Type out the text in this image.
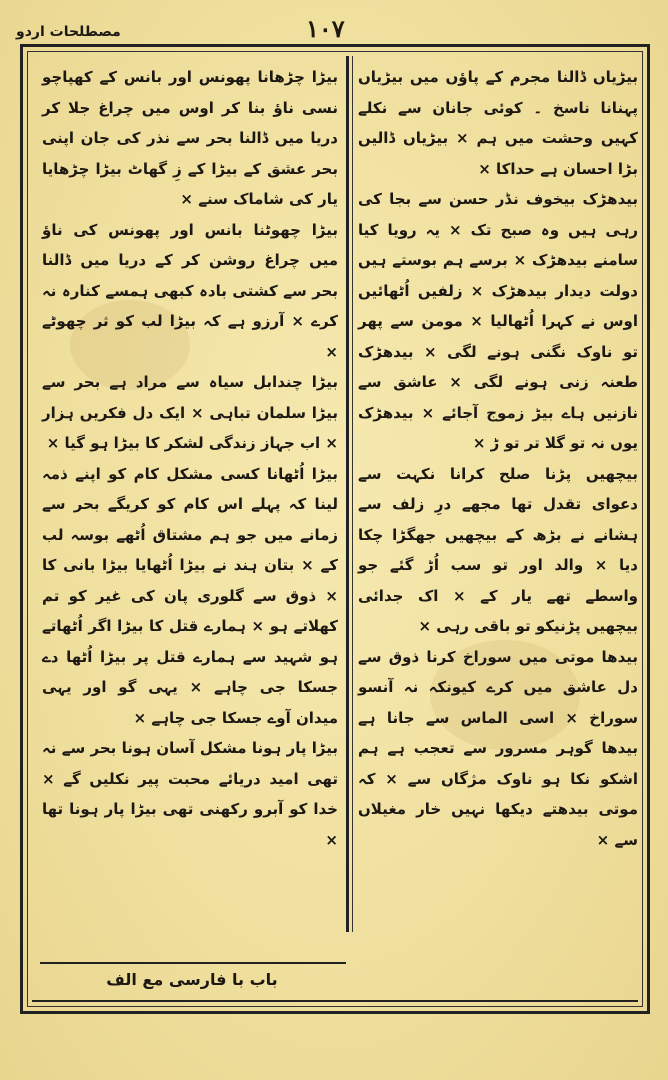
۱۰۷
مصطلحات اردو

بیڑیاں ڈالنا مجرم کے پاؤں میں بیڑیاں پہنانا ناسخ ۔ کوئی جانان سے نکلے کہیں وحشت میں ہم × بیڑیاں ڈالیں بڑا احسان ہے حداکا ×

بیدھڑک بیخوف نڈر حسن سے بجا کی رہی ہیں وہ صبح تک × یہ رویا کیا سامنے بیدھڑک × برسے ہم بوستے ہیں دولت دیدار بیدھڑک × زلفیں اُٹھائیں اوس نے کہرا اُٹھالیا × مومن سے پھر تو ناوک نگنی ہونے لگی × بیدھڑک طعنہ زنی ہونے لگی × عاشق سے نازنیں ہاے بیڑ زموج آجائے × بیدھڑک یوں نہ تو گلا تر تو ڑ ×

بیچھیں پڑنا صلح کرانا نکہت سے دعوای تقدل تھا مجھے درِ زلف سے ہشانے نے بڑھ کے بیچھیں جھگڑا چکا دیا × والد اور تو سب اُڑ گئے جو واسطے تھے یار کے × اک جدائی بیچھیں پڑنیکو تو باقی رہی ×

بیدھا موتی میں سوراخ کرنا ذوق سے دل عاشق میں کرے کیونکہ نہ آنسو سوراخ × اسی الماس سے جانا ہے بیدھا گوہر مسرور سے تعجب ہے ہم اشکو نکا ہو ناوک مژگاں سے × کہ موتی بیدھتے دیکھا نہیں خار مغیلاں سے ×

بیڑا چڑھانا پھونس اور بانس کے کھپاچو نسی ناؤ بنا کر اوس میں چراغ جلا کر دریا میں ڈالنا بحر سے نذر کی جان اپنی بحر عشق کے بیڑا کے زِ گھاٹ بیڑا چڑھایا یار کی شاماک سنے ×

بیڑا چھوٹنا بانس اور پھونس کی ناؤ میں چراغ روشن کر کے دریا میں ڈالنا بحر سے کشتی بادہ کبھی ہمسے کنارہ نہ کرے × آرزو ہے کہ بیڑا لب کو ثر چھوٹے ×

بیڑا چندابل سیاہ سے مراد ہے بحر سے بیڑا سلمان تباہی × ایک دل فکریں ہزار × اب جہاز زندگی لشکر کا بیڑا ہو گیا ×

بیڑا اُٹھانا کسی مشکل کام کو اپنے ذمہ لینا کہ پہلے اس کام کو کریگے بحر سے زمانے میں جو ہم مشتاق اُٹھے بوسہ لب کے × بتان ہند نے بیڑا اُٹھایا بیڑا بانی کا × ذوق سے گلوری پان کی غیر کو تم کھلاتے ہو × ہمارے قتل کا بیڑا اگر اُٹھاتے ہو شہید سے ہمارے قتل پر بیڑا اُٹھا دے جسکا جی چاہے × یہی گو اور یہی میدان آوے جسکا جی چاہے ×

بیڑا پار ہونا مشکل آسان ہونا بحر سے نہ تھی امید دریائے محبت پیر نکلیں گے × خدا کو آبرو رکھنی تھی بیڑا پار ہونا تھا ×

باب با فارسی مع الف
